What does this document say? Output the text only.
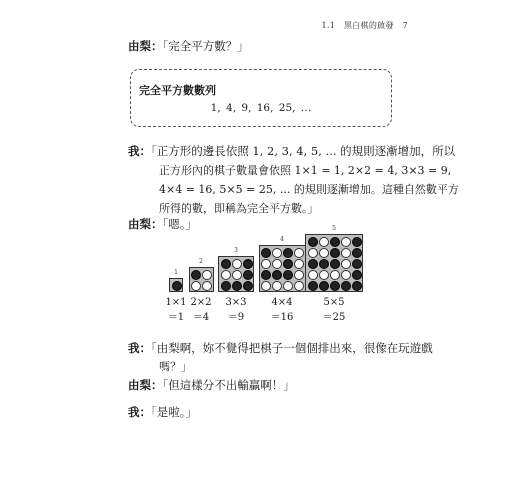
1.1 黑白棋的啟發 7
由梨：「完全平方數？」
完全平方數數列
1, 4, 9, 16, 25, …
我：「正方形的邊長依照 1, 2, 3, 4, 5, ... 的規則逐漸增加，所以
正方形內的棋子數量會依照 1×1 = 1, 2×2 = 4, 3×3 = 9,
4×4 = 16, 5×5 = 25, ... 的規則逐漸增加。這種自然數平方
所得的數，即稱為完全平方數。」
由梨：「嗯。」
1
1×1
＝1
2
2×2
＝4
3
3×3
＝9
4
4×4
＝16
5
5×5
＝25
我：「由梨啊，妳不覺得把棋子一個個排出來，很像在玩遊戲
嗎？」
由梨：「但這樣分不出輸贏啊！」
我：「是啦。」
